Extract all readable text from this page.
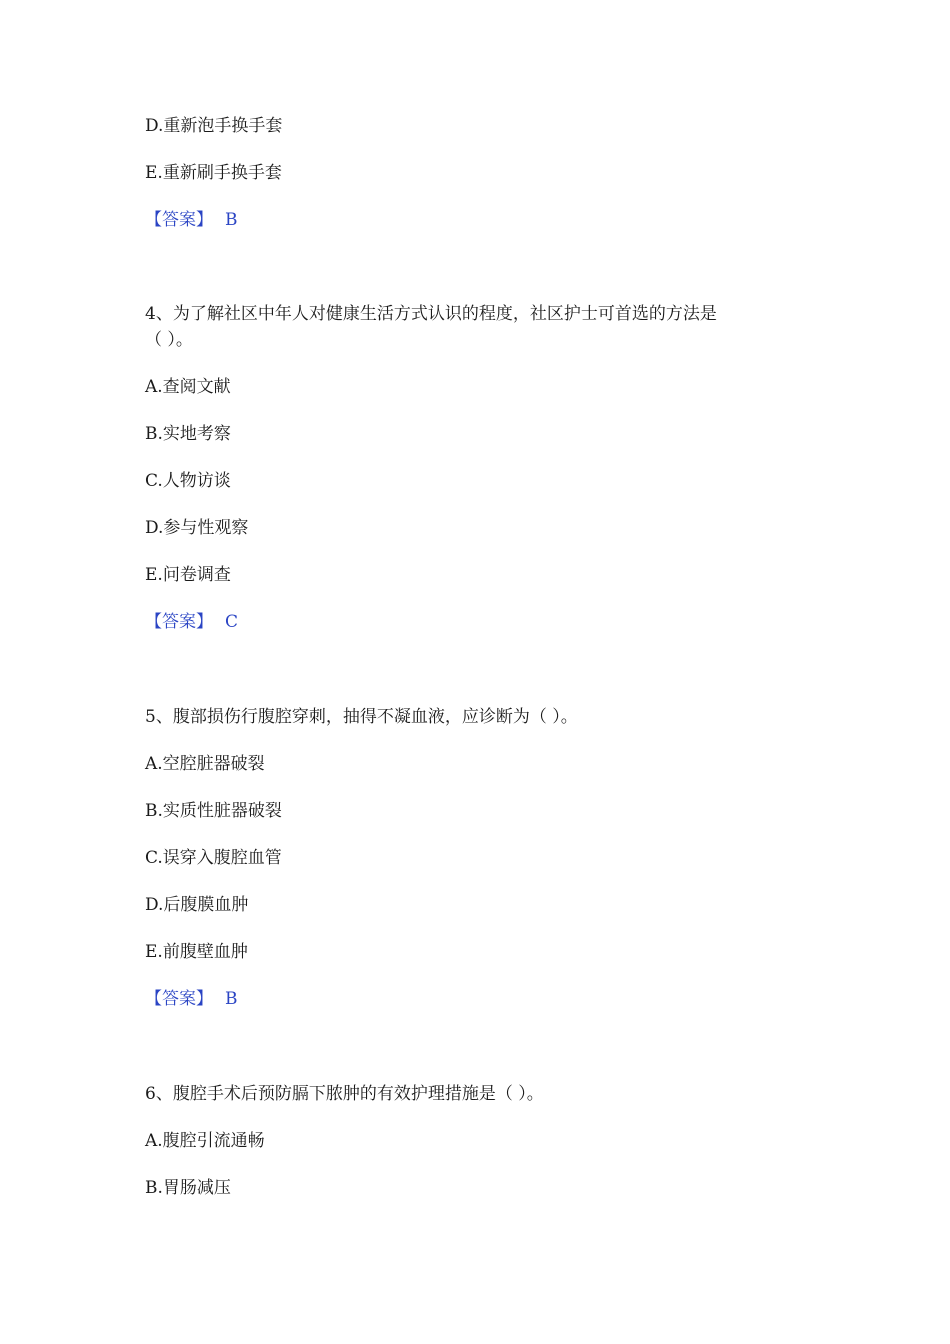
D.重新泡手换手套
E.重新刷手换手套
【答案】 B
4、为了解社区中年人对健康生活方式认识的程度，社区护士可首选的方法是
（ ）。
A.查阅文献
B.实地考察
C.人物访谈
D.参与性观察
E.问卷调查
【答案】 C
5、腹部损伤行腹腔穿刺，抽得不凝血液，应诊断为（ ）。
A.空腔脏器破裂
B.实质性脏器破裂
C.误穿入腹腔血管
D.后腹膜血肿
E.前腹壁血肿
【答案】 B
6、腹腔手术后预防膈下脓肿的有效护理措施是（ ）。
A.腹腔引流通畅
B.胃肠减压
